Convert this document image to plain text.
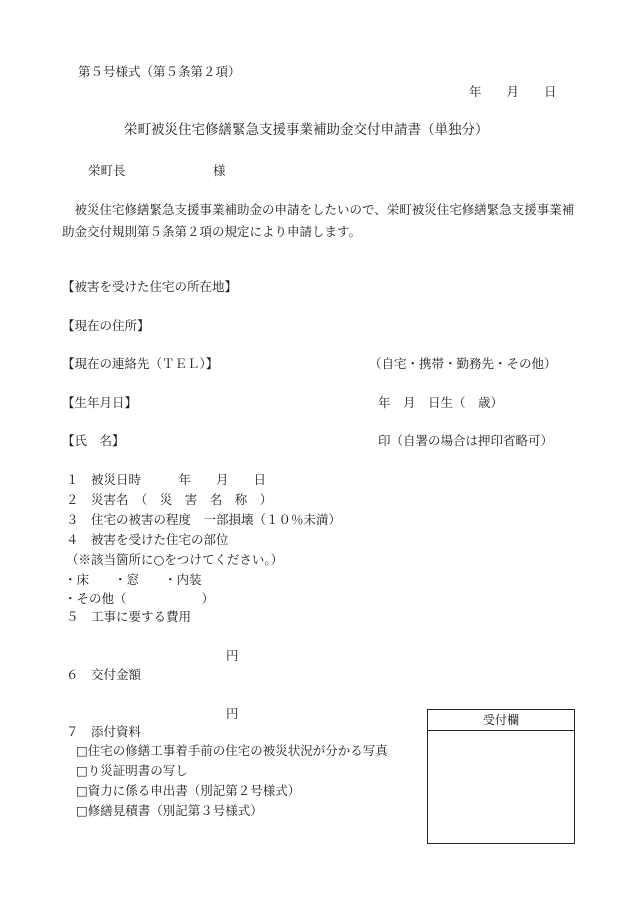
第５号様式（第５条第２項）
年　　月　　日
栄町被災住宅修繕緊急支援事業補助金交付申請書（単独分）
栄町長　　　　　　　様
　被災住宅修繕緊急支援事業補助金の申請をしたいので、栄町被災住宅修繕緊急支援事業補助金交付規則第５条第２項の規定により申請します。
【被害を受けた住宅の所在地】
【現在の住所】
【現在の連絡先（ＴＥＬ）】	（自宅・携帯・勤務先・その他）
【生年月日】	年　月　日生（　歳）
【氏　名】	印（自署の場合は押印省略可）
１　被災日時　　　年　　月　　日
２　災害名　（　災　害　名　称　）
３　住宅の被害の程度　一部損壊（１０％未満）
４　被害を受けた住宅の部位
（※該当箇所に○をつけてください。）
・床　　・窓　　・内装
・その他（　　　　　　）
５　工事に要する費用
円
６　交付金額
円
７　添付資料
□住宅の修繕工事着手前の住宅の被災状況が分かる写真
□り災証明書の写し
□資力に係る申出書（別記第２号様式）
□修繕見積書（別記第３号様式）
受付欄
